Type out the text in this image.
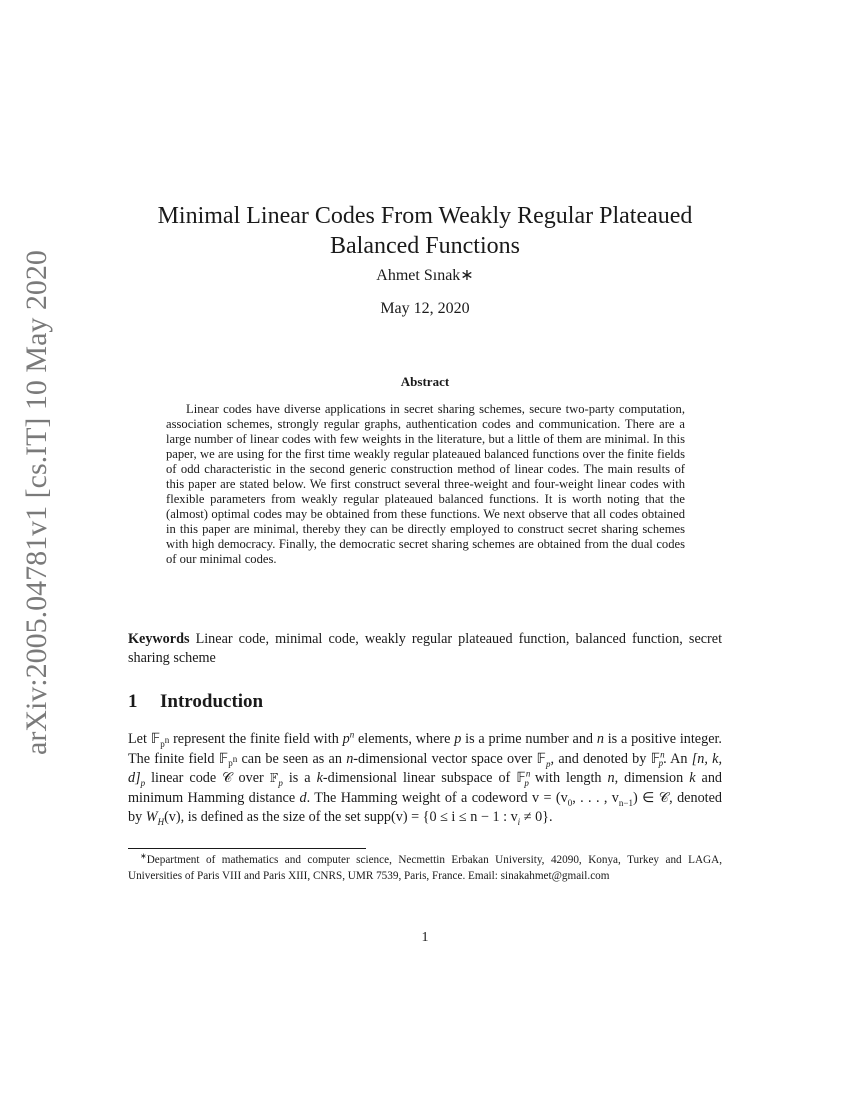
arXiv:2005.04781v1 [cs.IT] 10 May 2020
Minimal Linear Codes From Weakly Regular Plateaued Balanced Functions
Ahmet Sınak∗
May 12, 2020
Abstract

Linear codes have diverse applications in secret sharing schemes, secure two-party computation, association schemes, strongly regular graphs, authentication codes and communication. There are a large number of linear codes with few weights in the literature, but a little of them are minimal. In this paper, we are using for the first time weakly regular plateaued balanced functions over the finite fields of odd characteristic in the second generic construction method of linear codes. The main results of this paper are stated below. We first construct several three-weight and four-weight linear codes with flexible parameters from weakly regular plateaued balanced functions. It is worth noting that the (almost) optimal codes may be obtained from these functions. We next observe that all codes obtained in this paper are minimal, thereby they can be directly employed to construct secret sharing schemes with high democracy. Finally, the democratic secret sharing schemes are obtained from the dual codes of our minimal codes.

Keywords Linear code, minimal code, weakly regular plateaued function, balanced function, secret sharing scheme

1 Introduction

Let 𝔽$_{p^n}$ represent the finite field with $p^n$ elements, where p is a prime number and n is a positive integer. The finite field 𝔽$_{p^n}$ can be seen as an n-dimensional vector space over 𝔽$_p$, and denoted by 𝔽$^n_p$. An [n, k, $d]_p$ linear code 𝒞 over 𝔽$_p$ is a k-dimensional linear subspace of 𝔽$^n_p$ with length n, dimension k and minimum Hamming distance d. The Hamming weight of a codeword $v = (v_0$, . . . , $v_{n-1}$) ∈ 𝒞, denoted by $W_H(v)$, is defined as the size of the set supp(v) = {0 ≤ i ≤ n − 1 : $v_i \ne 0$}.

∗Department of mathematics and computer science, Necmettin Erbakan University, 42090, Konya, Turkey and LAGA, Universities of Paris VIII and Paris XIII, CNRS, UMR 7539, Paris, France. Email: sinakahmet@gmail.com

1
